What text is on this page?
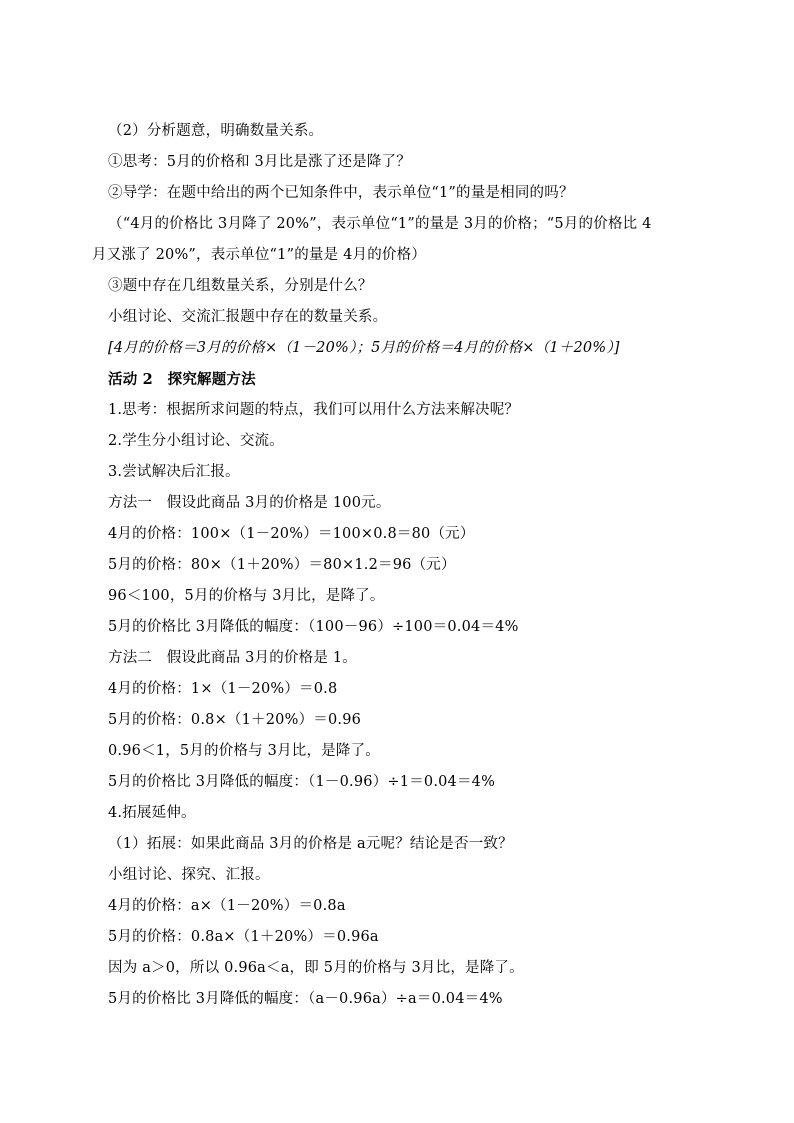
（2）分析题意，明确数量关系。
①思考：5月的价格和 3月比是涨了还是降了？
②导学：在题中给出的两个已知条件中，表示单位“1”的量是相同的吗？
（“4月的价格比 3月降了 20%”，表示单位“1”的量是 3月的价格；“5月的价格比 4
月又涨了 20%”，表示单位“1”的量是 4月的价格）
③题中存在几组数量关系，分别是什么？
小组讨论、交流汇报题中存在的数量关系。
[4月的价格＝3月的价格×（1－20%）；5月的价格＝4月的价格×（1＋20%）]
活动 2　探究解题方法
1.思考：根据所求问题的特点，我们可以用什么方法来解决呢？
2.学生分小组讨论、交流。
3.尝试解决后汇报。
方法一　假设此商品 3月的价格是 100元。
4月的价格：100×（1－20%）＝100×0.8＝80（元）
5月的价格：80×（1＋20%）＝80×1.2＝96（元）
96＜100，5月的价格与 3月比，是降了。
5月的价格比 3月降低的幅度：（100－96）÷100＝0.04＝4%
方法二　假设此商品 3月的价格是 1。
4月的价格：1×（1－20%）＝0.8
5月的价格：0.8×（1＋20%）＝0.96
0.96＜1，5月的价格与 3月比，是降了。
5月的价格比 3月降低的幅度：（1－0.96）÷1＝0.04＝4%
4.拓展延伸。
（1）拓展：如果此商品 3月的价格是 a元呢？结论是否一致？
小组讨论、探究、汇报。
4月的价格：a×（1－20%）＝0.8a
5月的价格：0.8a×（1＋20%）＝0.96a
因为 a＞0，所以 0.96a＜a，即 5月的价格与 3月比，是降了。
5月的价格比 3月降低的幅度：（a－0.96a）÷a＝0.04＝4%
